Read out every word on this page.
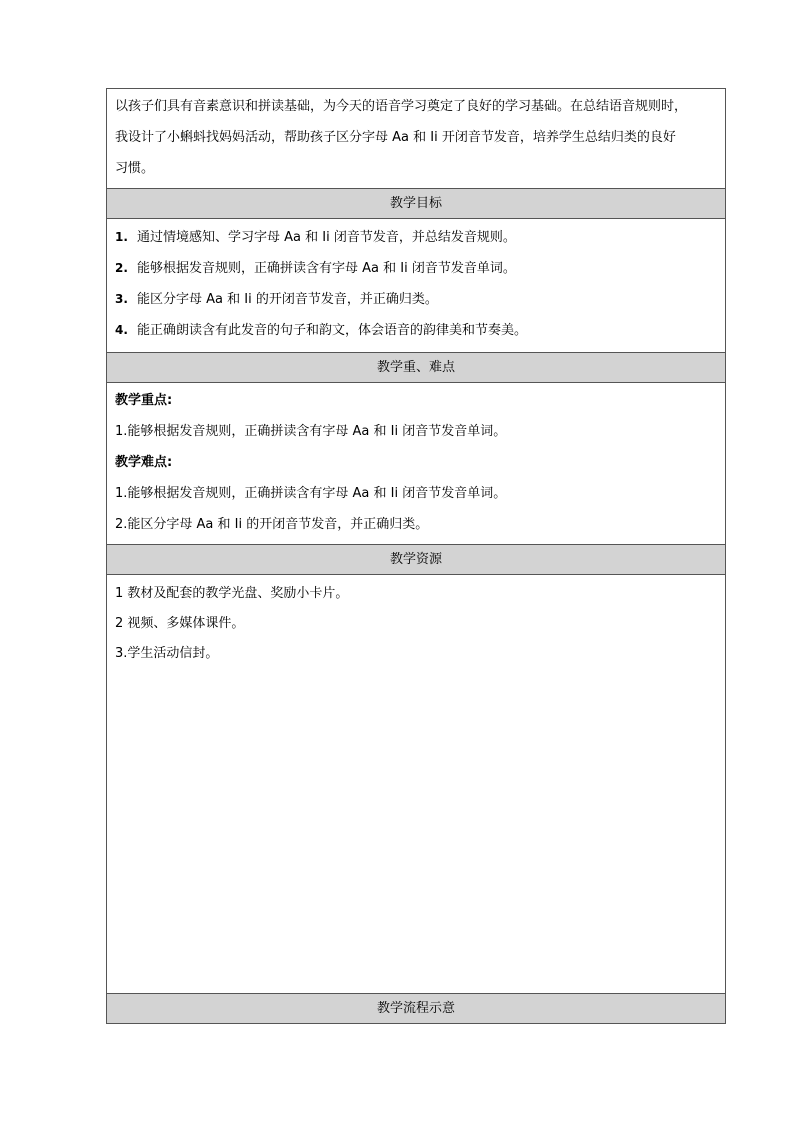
以孩子们具有音素意识和拼读基础，为今天的语音学习奠定了良好的学习基础。在总结语音规则时，
我设计了小蝌蚪找妈妈活动，帮助孩子区分字母 Aa 和 Ii 开闭音节发音，培养学生总结归类的良好
习惯。

教学目标

1. 通过情境感知、学习字母 Aa 和 Ii 闭音节发音，并总结发音规则。
2. 能够根据发音规则，正确拼读含有字母 Aa 和 Ii 闭音节发音单词。
3. 能区分字母 Aa 和 Ii 的开闭音节发音，并正确归类。
4. 能正确朗读含有此发音的句子和韵文，体会语音的韵律美和节奏美。

教学重、难点

教学重点:
1.能够根据发音规则，正确拼读含有字母 Aa 和 Ii 闭音节发音单词。
教学难点:
1.能够根据发音规则，正确拼读含有字母 Aa 和 Ii 闭音节发音单词。
2.能区分字母 Aa 和 Ii 的开闭音节发音，并正确归类。

教学资源

1 教材及配套的教学光盘、奖励小卡片。
2 视频、多媒体课件。
3.学生活动信封。

教学流程示意
